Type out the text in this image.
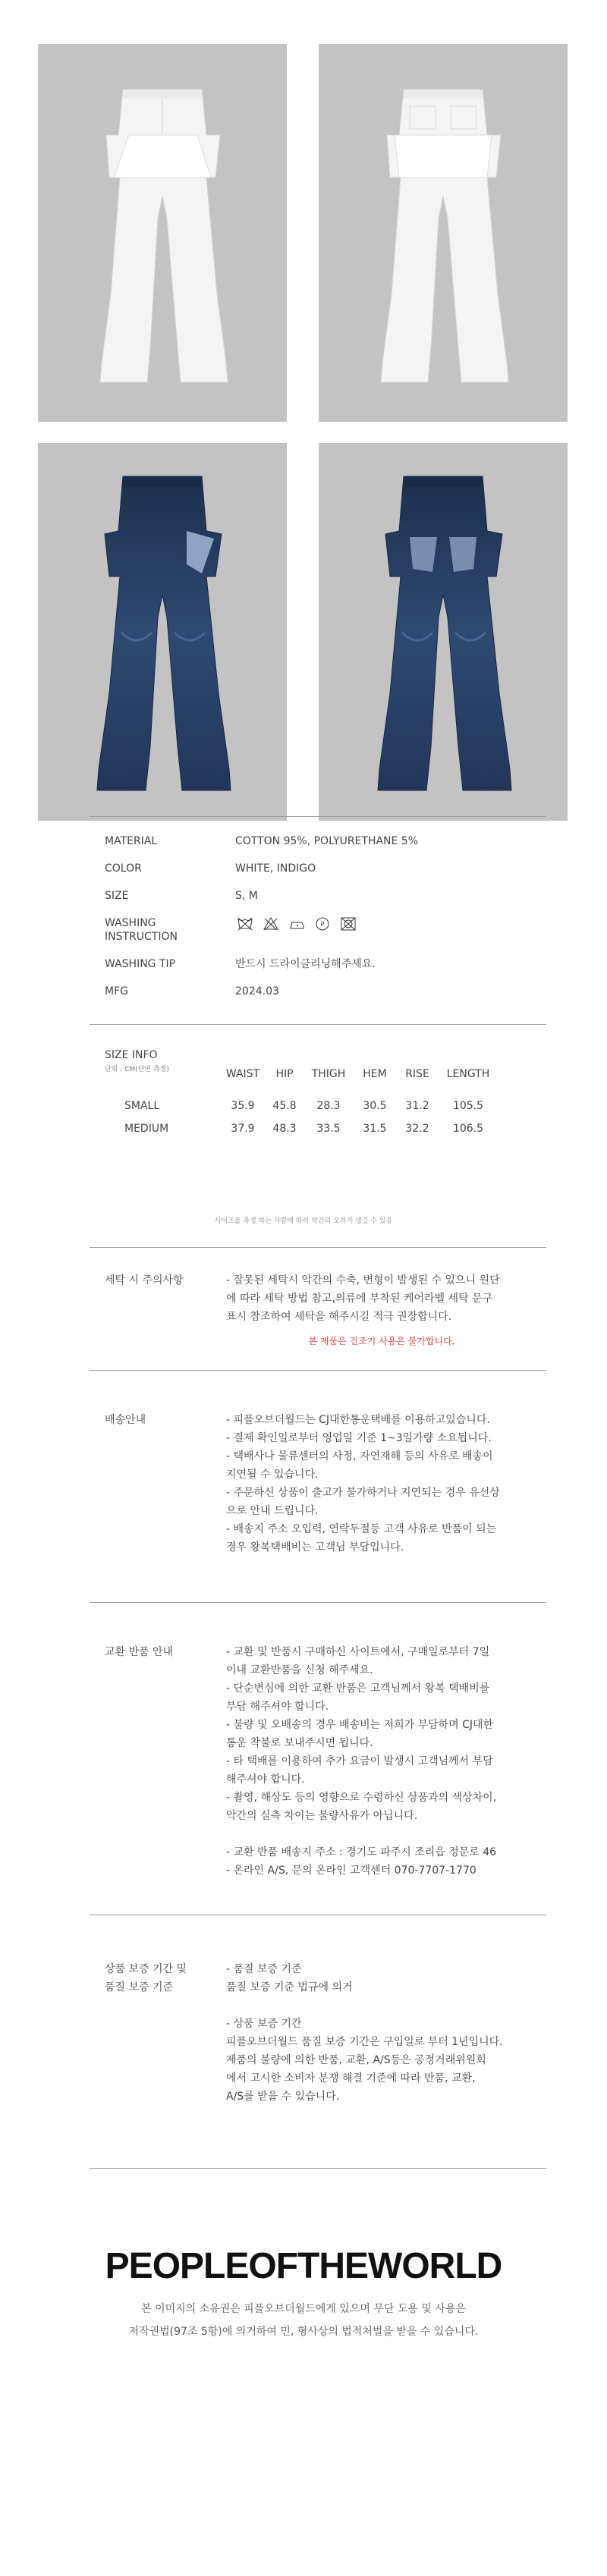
MATERIAL	COTTON 95%, POLYURETHANE 5%
COLOR	WHITE, INDIGO
SIZE	S, M
WASHING
INSTRUCTION
P
WASHING TIP	반드시 드라이클리닝해주세요.
MFG	2024.03
SIZE INFO
단위 : CM(단면 측정)	WAIST	HIP	THIGH	HEM	RISE	LENGTH
SMALL	35.9	45.8	28.3	30.5	31.2	105.5
MEDIUM	37.9	48.3	33.5	31.5	32.2	106.5
사이즈를 측정 하는 사람에 따라 약간의 오차가 생길 수 있음
세탁 시 주의사항	- 잘못된 세탁시 악간의 수축, 변형이 발생된 수 있으니 원단
에 따라 세탁 방법 참고,의류에 부착된 케어라벨 세탁 문구
표시 참조하여 세탁을 해주시길 적극 권장합니다.

본 제품은 건조기 사용은 불가합니다.

배송안내	- 피플오브더월드는 CJ대한통운택배를 이용하고있습니다.

- 결제 확인일로부터 영업일 기준 1~3일가량 소요됩니다.

- 택배사나 물류센터의 사정, 자연재해 등의 사유로 배송이
지연될 수 있습니다.

- 주문하신 상품이 출고가 불가하거나 지연되는 경우 유선상
으로 안내 드립니다.

- 배송지 주소 오입력, 연락두절등 고객 사유로 반품이 되는
경우 왕복택배비는 고객님 부담입니다.

교환 반품 안내	- 교환 및 반품시 구매하신 사이트에서, 구매일로부터 7일
이내 교환반품을 신청 해주세요.

- 단순변심에 의한 교환 반품은 고객님께서 왕복 택배비를
부담 해주셔야 합니다.

- 불량 및 오배송의 경우 배송비는 저희가 부담하며 CJ대한
통운 착불로 보내주시면 됩니다.

- 타 택배를 이용하여 추가 요금이 발생시 고객님께서 부담
해주셔야 합니다.

- 촬영, 해상도 등의 영향으로 수령하신 상품과의 색상차이,
악간의 실측 차이는 불량사유가 아닙니다.

- 교환 반품 배송지 주소 : 경기도 파주시 조리읍 정문로 46

- 온라인 A/S, 문의 온라인 고객센터 070-7707-1770

상품 보증 기간 및
품질 보증 기준

- 품질 보증 기준
품질 보증 기준 법규에 의거

- 상품 보증 기간
피플오브더월드 품질 보증 기간은 구입일로 부터 1년입니다.
제품의 불량에 의한 반품, 교환, A/S등은 공정거래위원회
에서 고시한 소비자 분쟁 해결 기준에 따라 반품, 교환,
A/S를 받을 수 있습니다.

PEOPLEOFTHEWORLD
본 이미지의 소유권은 피플오브더월드에게 있으며 무단 도용 및 사용은
저작권법(97조 5항)에 의거하여 민, 형사상의 법적처벌을 받을 수 있습니다.
